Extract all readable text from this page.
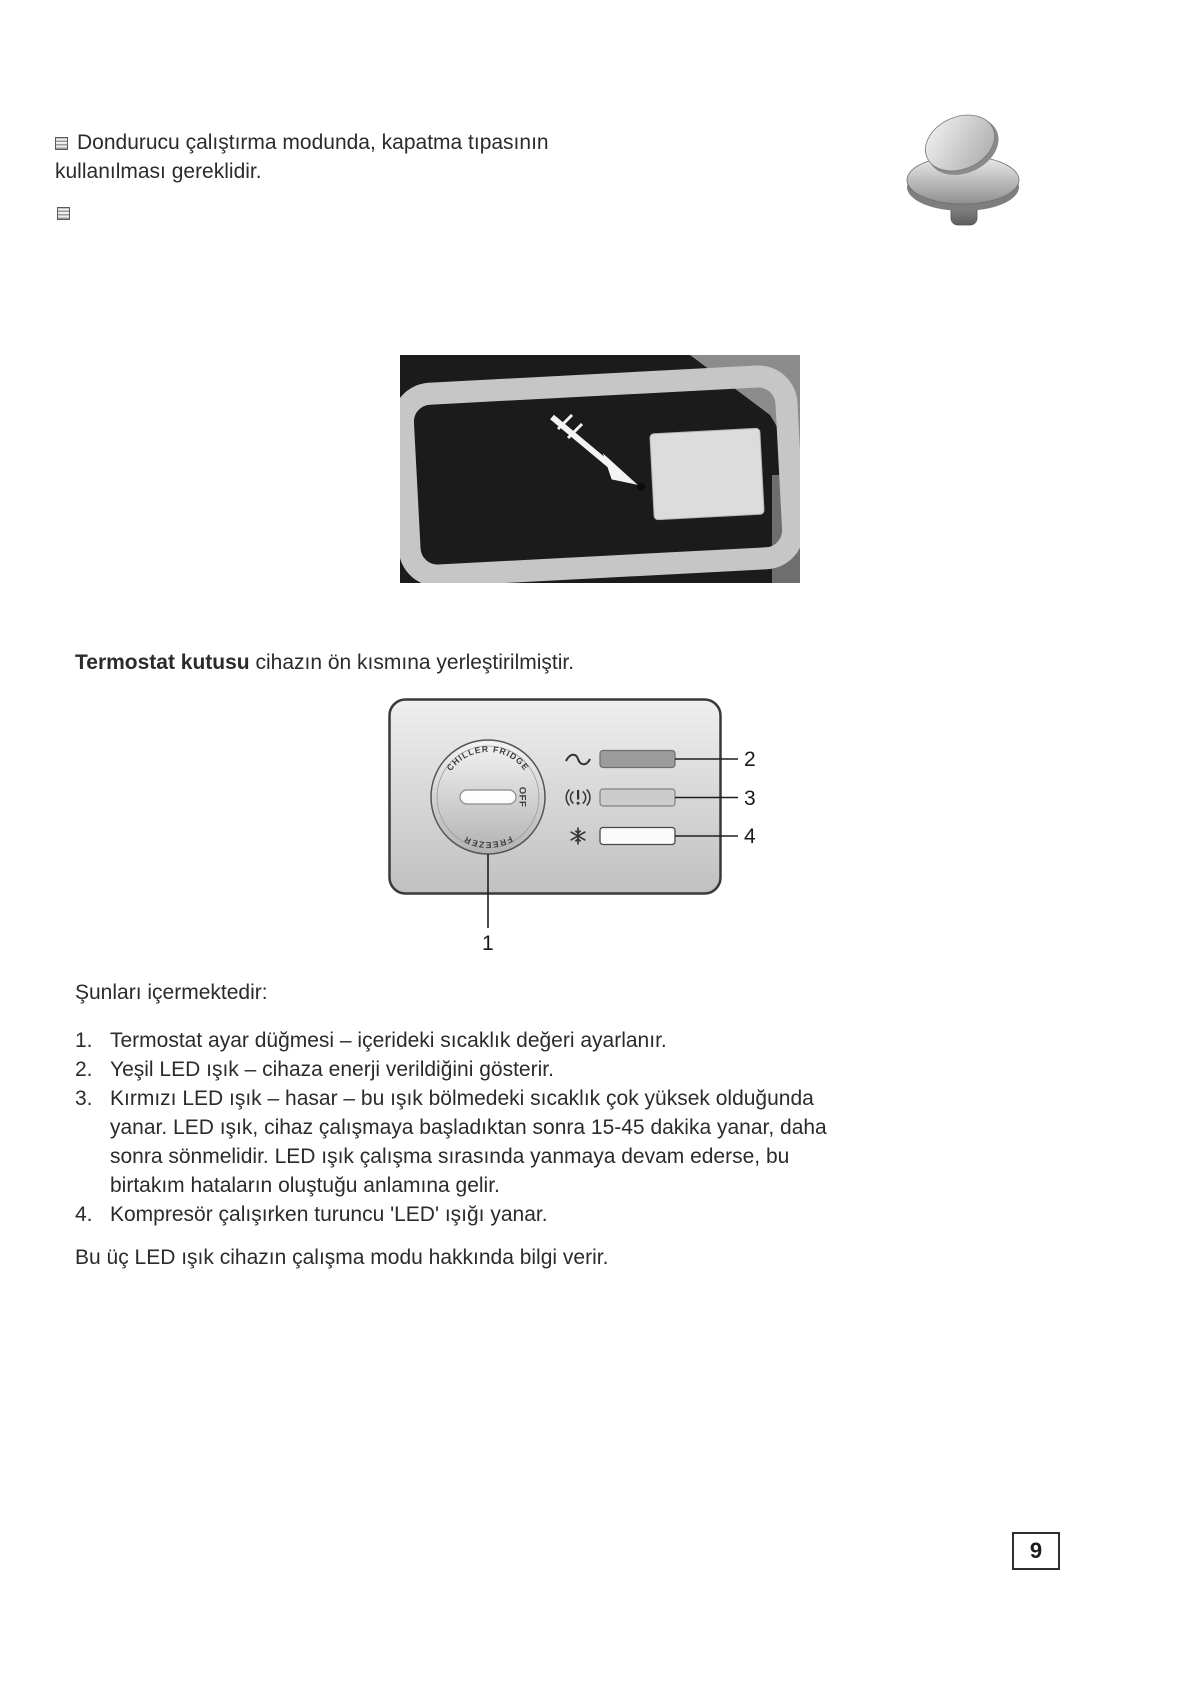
Dondurucu çalıştırma modunda, kapatma tıpasının kullanılması gereklidir.
Termostat kutusu cihazın ön kısmına yerleştirilmiştir.
CHILLER FRIDGE
FREEZER
OFF
2
3
4
1
Şunları içermektedir:
1. Termostat ayar düğmesi – içerideki sıcaklık değeri ayarlanır.
2. Yeşil LED ışık – cihaza enerji verildiğini gösterir.
3. Kırmızı LED ışık – hasar – bu ışık bölmedeki sıcaklık çok yüksek olduğunda
yanar. LED ışık, cihaz çalışmaya başladıktan sonra 15-45 dakika yanar, daha
sonra sönmelidir. LED ışık çalışma sırasında yanmaya devam ederse, bu
birtakım hataların oluştuğu anlamına gelir.
4. Kompresör çalışırken turuncu 'LED' ışığı yanar.
Bu üç LED ışık cihazın çalışma modu hakkında bilgi verir.
9
